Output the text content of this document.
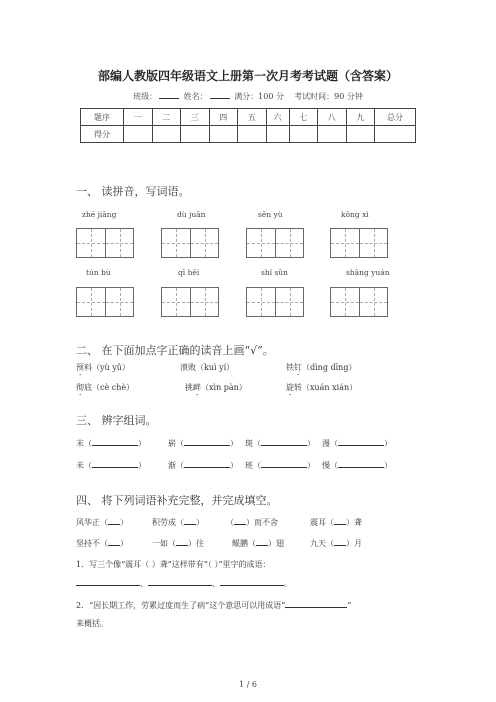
部编人教版四年级语文上册第一次月考考试题（含答案）
班级：	姓名：	满分：100 分 考试时间：90 分钟
题序	一	二	三	四	五	六	七	八	九	总分
得分										
一、 读拼音，写词语。
zhé jiāng	dù juān	sēn yù	kǒng xì
tún bù	qī hēi	shí sǔn	shāng yuán
二、 在下面加点字正确的读音上画“√”。
预料（yù yǔ）	溃败（kuì yí）	铁钉（dìng dīng）
彻底（cè chè）	挑衅（xìn pàn）	旋转（xuán xián）
三、 辨字组词。
末（	）	崭（	） 斑（	） 漫（	）
未（	）	渐（	） 班（	） 慢（	）
四、 将下列词语补充完整，并完成填空。
风华正（ ）	积劳成（ ）	（ ）而不舍	震耳（ ）聋
坚持不（ ）	一如（ ）往	鲲鹏（ ）翅	九天（ ）月
1．写三个像“震耳（ ）聋”这样带有“（ ）”里字的成语：
、	、	。
2．“因长期工作，劳累过度而生了病”这个意思可以用成语“	”
来概括。
1 / 6
